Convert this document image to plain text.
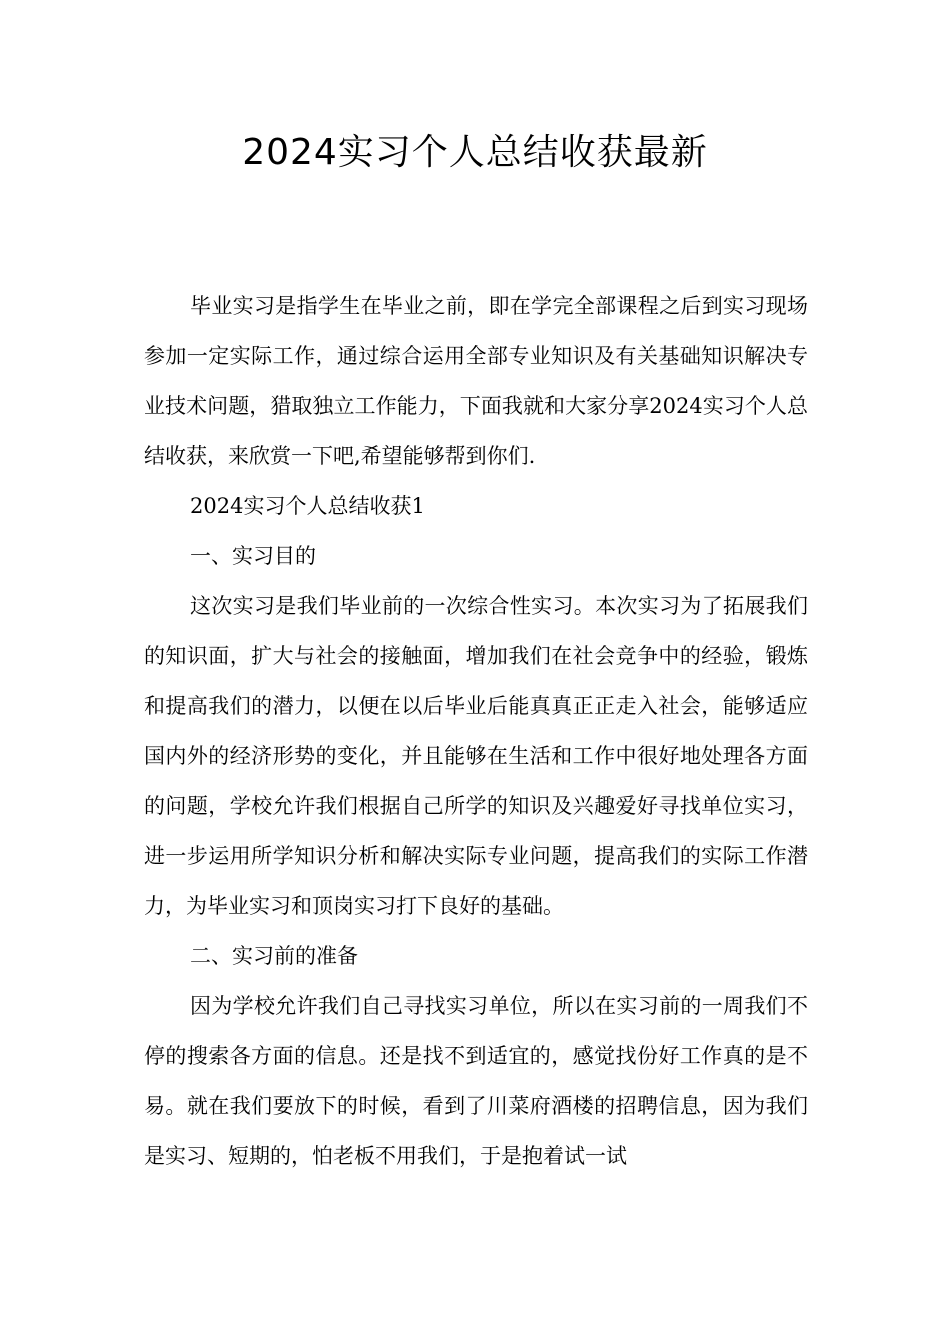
2024实习个人总结收获最新

毕业实习是指学生在毕业之前，即在学完全部课程之后到实习现场参加一定实际工作，通过综合运用全部专业知识及有关基础知识解决专业技术问题，猎取独立工作能力，下面我就和大家分享2024实习个人总结收获，来欣赏一下吧,希望能够帮到你们.

2024实习个人总结收获1

一、实习目的

这次实习是我们毕业前的一次综合性实习。本次实习为了拓展我们的知识面，扩大与社会的接触面，增加我们在社会竞争中的经验，锻炼和提高我们的潜力，以便在以后毕业后能真真正正走入社会，能够适应国内外的经济形势的变化，并且能够在生活和工作中很好地处理各方面的问题，学校允许我们根据自己所学的知识及兴趣爱好寻找单位实习，进一步运用所学知识分析和解决实际专业问题，提高我们的实际工作潜力，为毕业实习和顶岗实习打下良好的基础。

二、实习前的准备

因为学校允许我们自己寻找实习单位，所以在实习前的一周我们不停的搜索各方面的信息。还是找不到适宜的，感觉找份好工作真的是不易。就在我们要放下的时候，看到了川菜府酒楼的招聘信息，因为我们是实习、短期的，怕老板不用我们，于是抱着试一试
